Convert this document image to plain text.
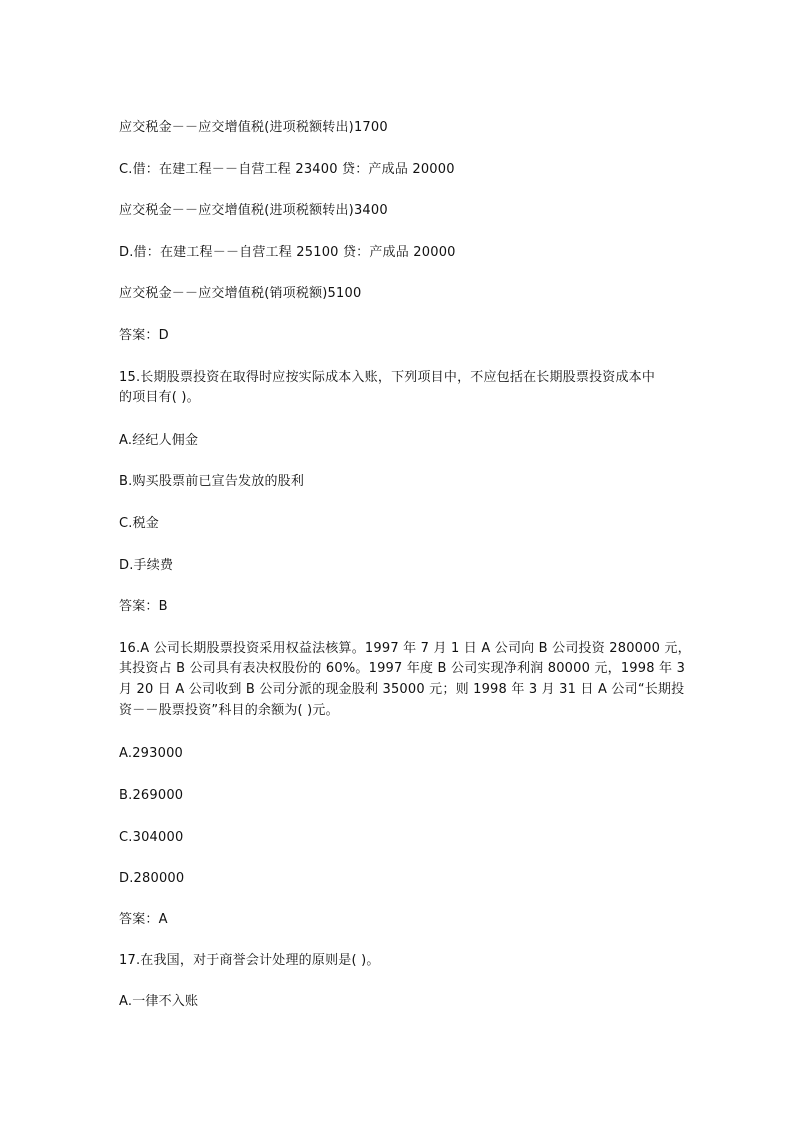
应交税金－－应交增值税(进项税额转出)1700
C.借：在建工程－－自营工程 23400 贷：产成品 20000
应交税金－－应交增值税(进项税额转出)3400
D.借：在建工程－－自营工程 25100 贷：产成品 20000
应交税金－－应交增值税(销项税额)5100
答案：D
15.长期股票投资在取得时应按实际成本入账，下列项目中，不应包括在长期股票投资成本中
的项目有( )。
A.经纪人佣金
B.购买股票前已宣告发放的股利
C.税金
D.手续费
答案：B
16.A 公司长期股票投资采用权益法核算。1997 年 7 月 1 日 A 公司向 B 公司投资 280000 元，
其投资占 B 公司具有表决权股份的 60%。1997 年度 B 公司实现净利润 80000 元，1998 年 3
月 20 日 A 公司收到 B 公司分派的现金股利 35000 元；则 1998 年 3 月 31 日 A 公司“长期投
资－－股票投资”科目的余额为( )元。
A.293000
B.269000
C.304000
D.280000
答案：A
17.在我国，对于商誉会计处理的原则是( )。
A.一律不入账
